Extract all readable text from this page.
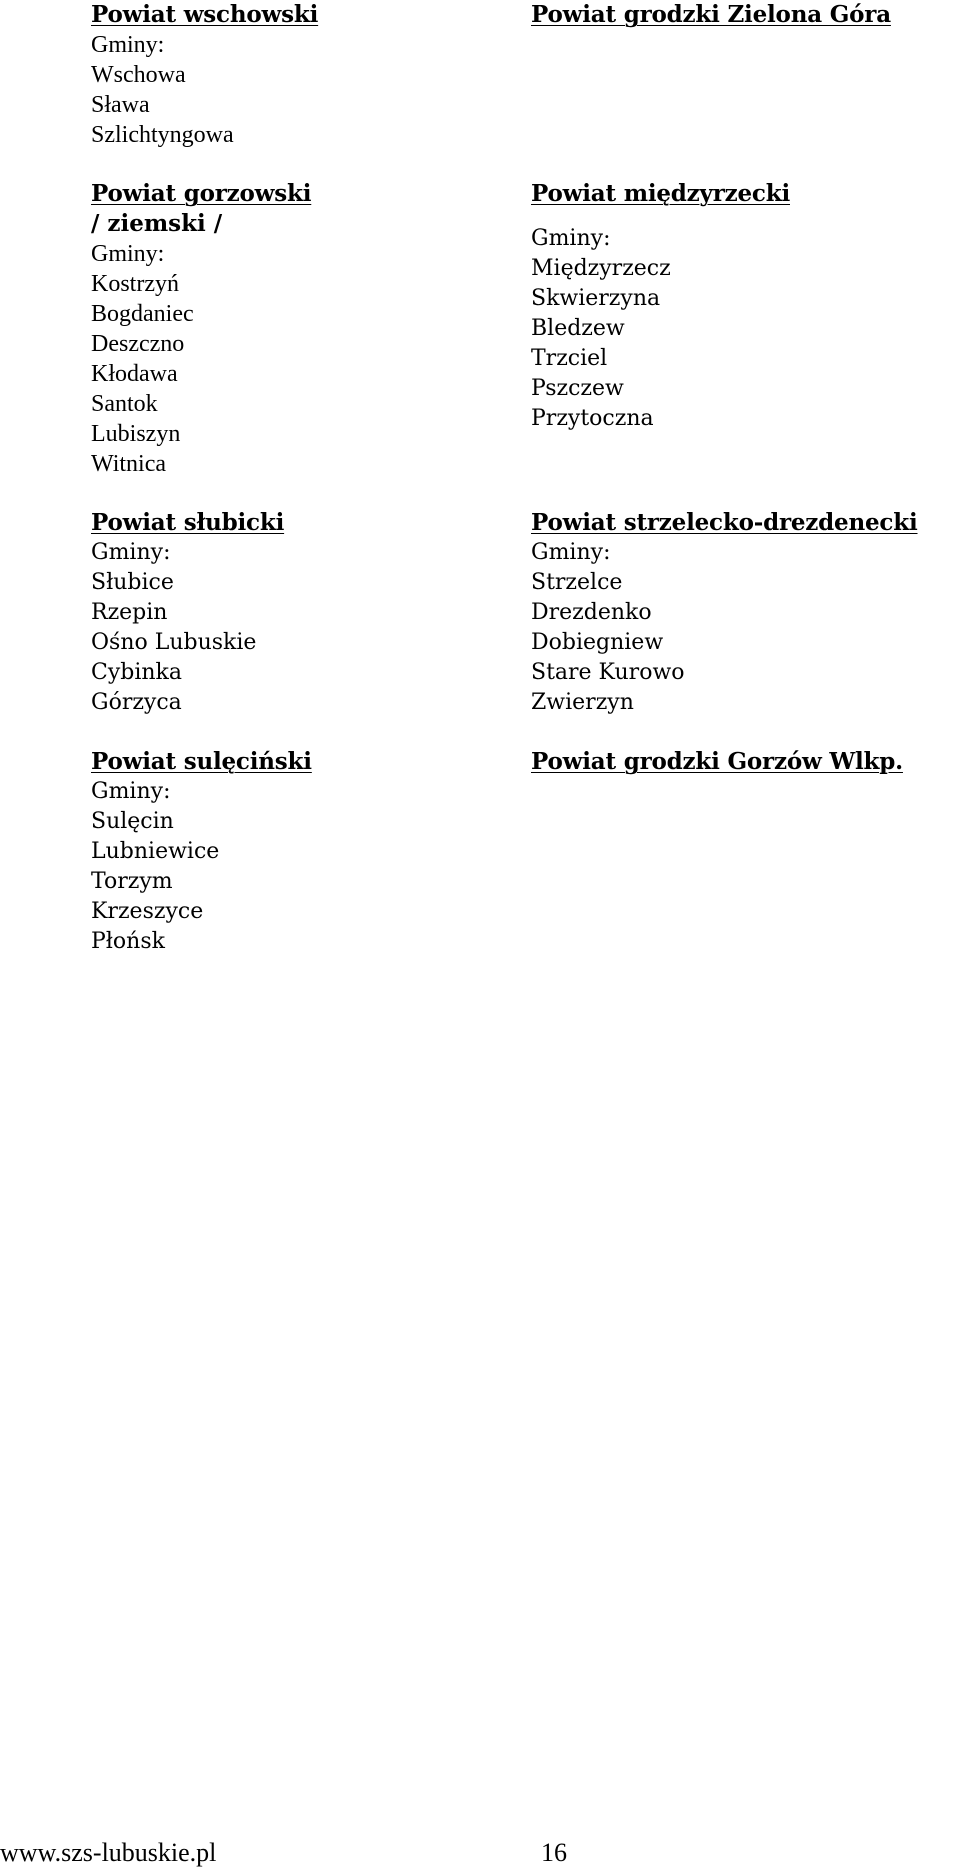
Powiat wschowski
Gminy:
Wschowa
Sława
Szlichtyngowa
Powiat gorzowski
/ ziemski /
Gminy:
Kostrzyń
Bogdaniec
Deszczno
Kłodawa
Santok
Lubiszyn
Witnica
Powiat słubicki
Gminy:
Słubice
Rzepin
Ośno Lubuskie
Cybinka
Górzyca
Powiat sulęciński
Gminy:
Sulęcin
Lubniewice
Torzym
Krzeszyce
Płońsk
Powiat grodzki Zielona Góra
Powiat międzyrzecki
Gminy:
Międzyrzecz
Skwierzyna
Bledzew
Trzciel
Pszczew
Przytoczna
Powiat strzelecko-drezdenecki
Gminy:
Strzelce
Drezdenko
Dobiegniew
Stare Kurowo
Zwierzyn
Powiat grodzki Gorzów Wlkp.
www.szs-lubuskie.pl	16
